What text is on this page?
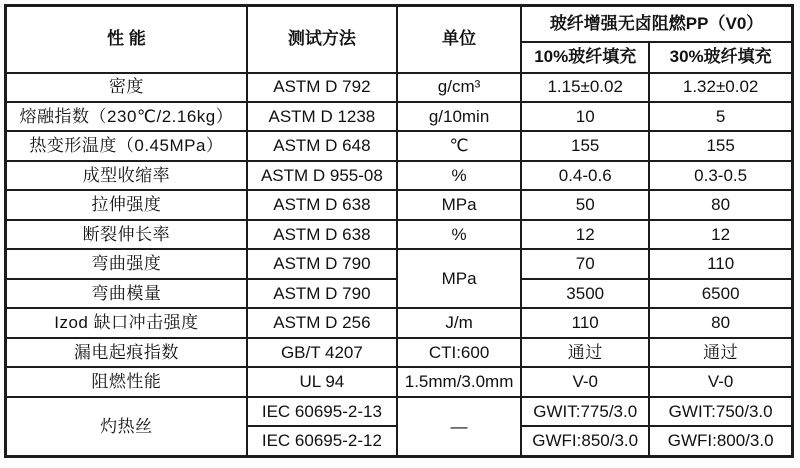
性 能	测试方法	单位	玻纤增强无卤阻燃PP（V0）	
			10%玻纤填充	30%玻纤填充
密度	ASTM D 792	g/cm³	1.15±0.02	1.32±0.02
熔融指数（230℃/2.16kg）	ASTM D 1238	g/10min	10	5
热变形温度（0.45MPa）	ASTM D 648	℃	155	155
成型收缩率	ASTM D 955-08	%	0.4-0.6	0.3-0.5
拉伸强度	ASTM D 638	MPa	50	80
断裂伸长率	ASTM D 638	%	12	12
弯曲强度	ASTM D 790	MPa	70	110
弯曲模量	ASTM D 790		3500	6500
Izod 缺口冲击强度	ASTM D 256	J/m	110	80
漏电起痕指数	GB/T 4207	CTI:600	通过	通过
阻燃性能	UL 94	1.5mm/3.0mm	V-0	V-0
灼热丝	IEC 60695-2-13	—	GWIT:775/3.0	GWIT:750/3.0
	IEC 60695-2-12		GWFI:850/3.0	GWFI:800/3.0
